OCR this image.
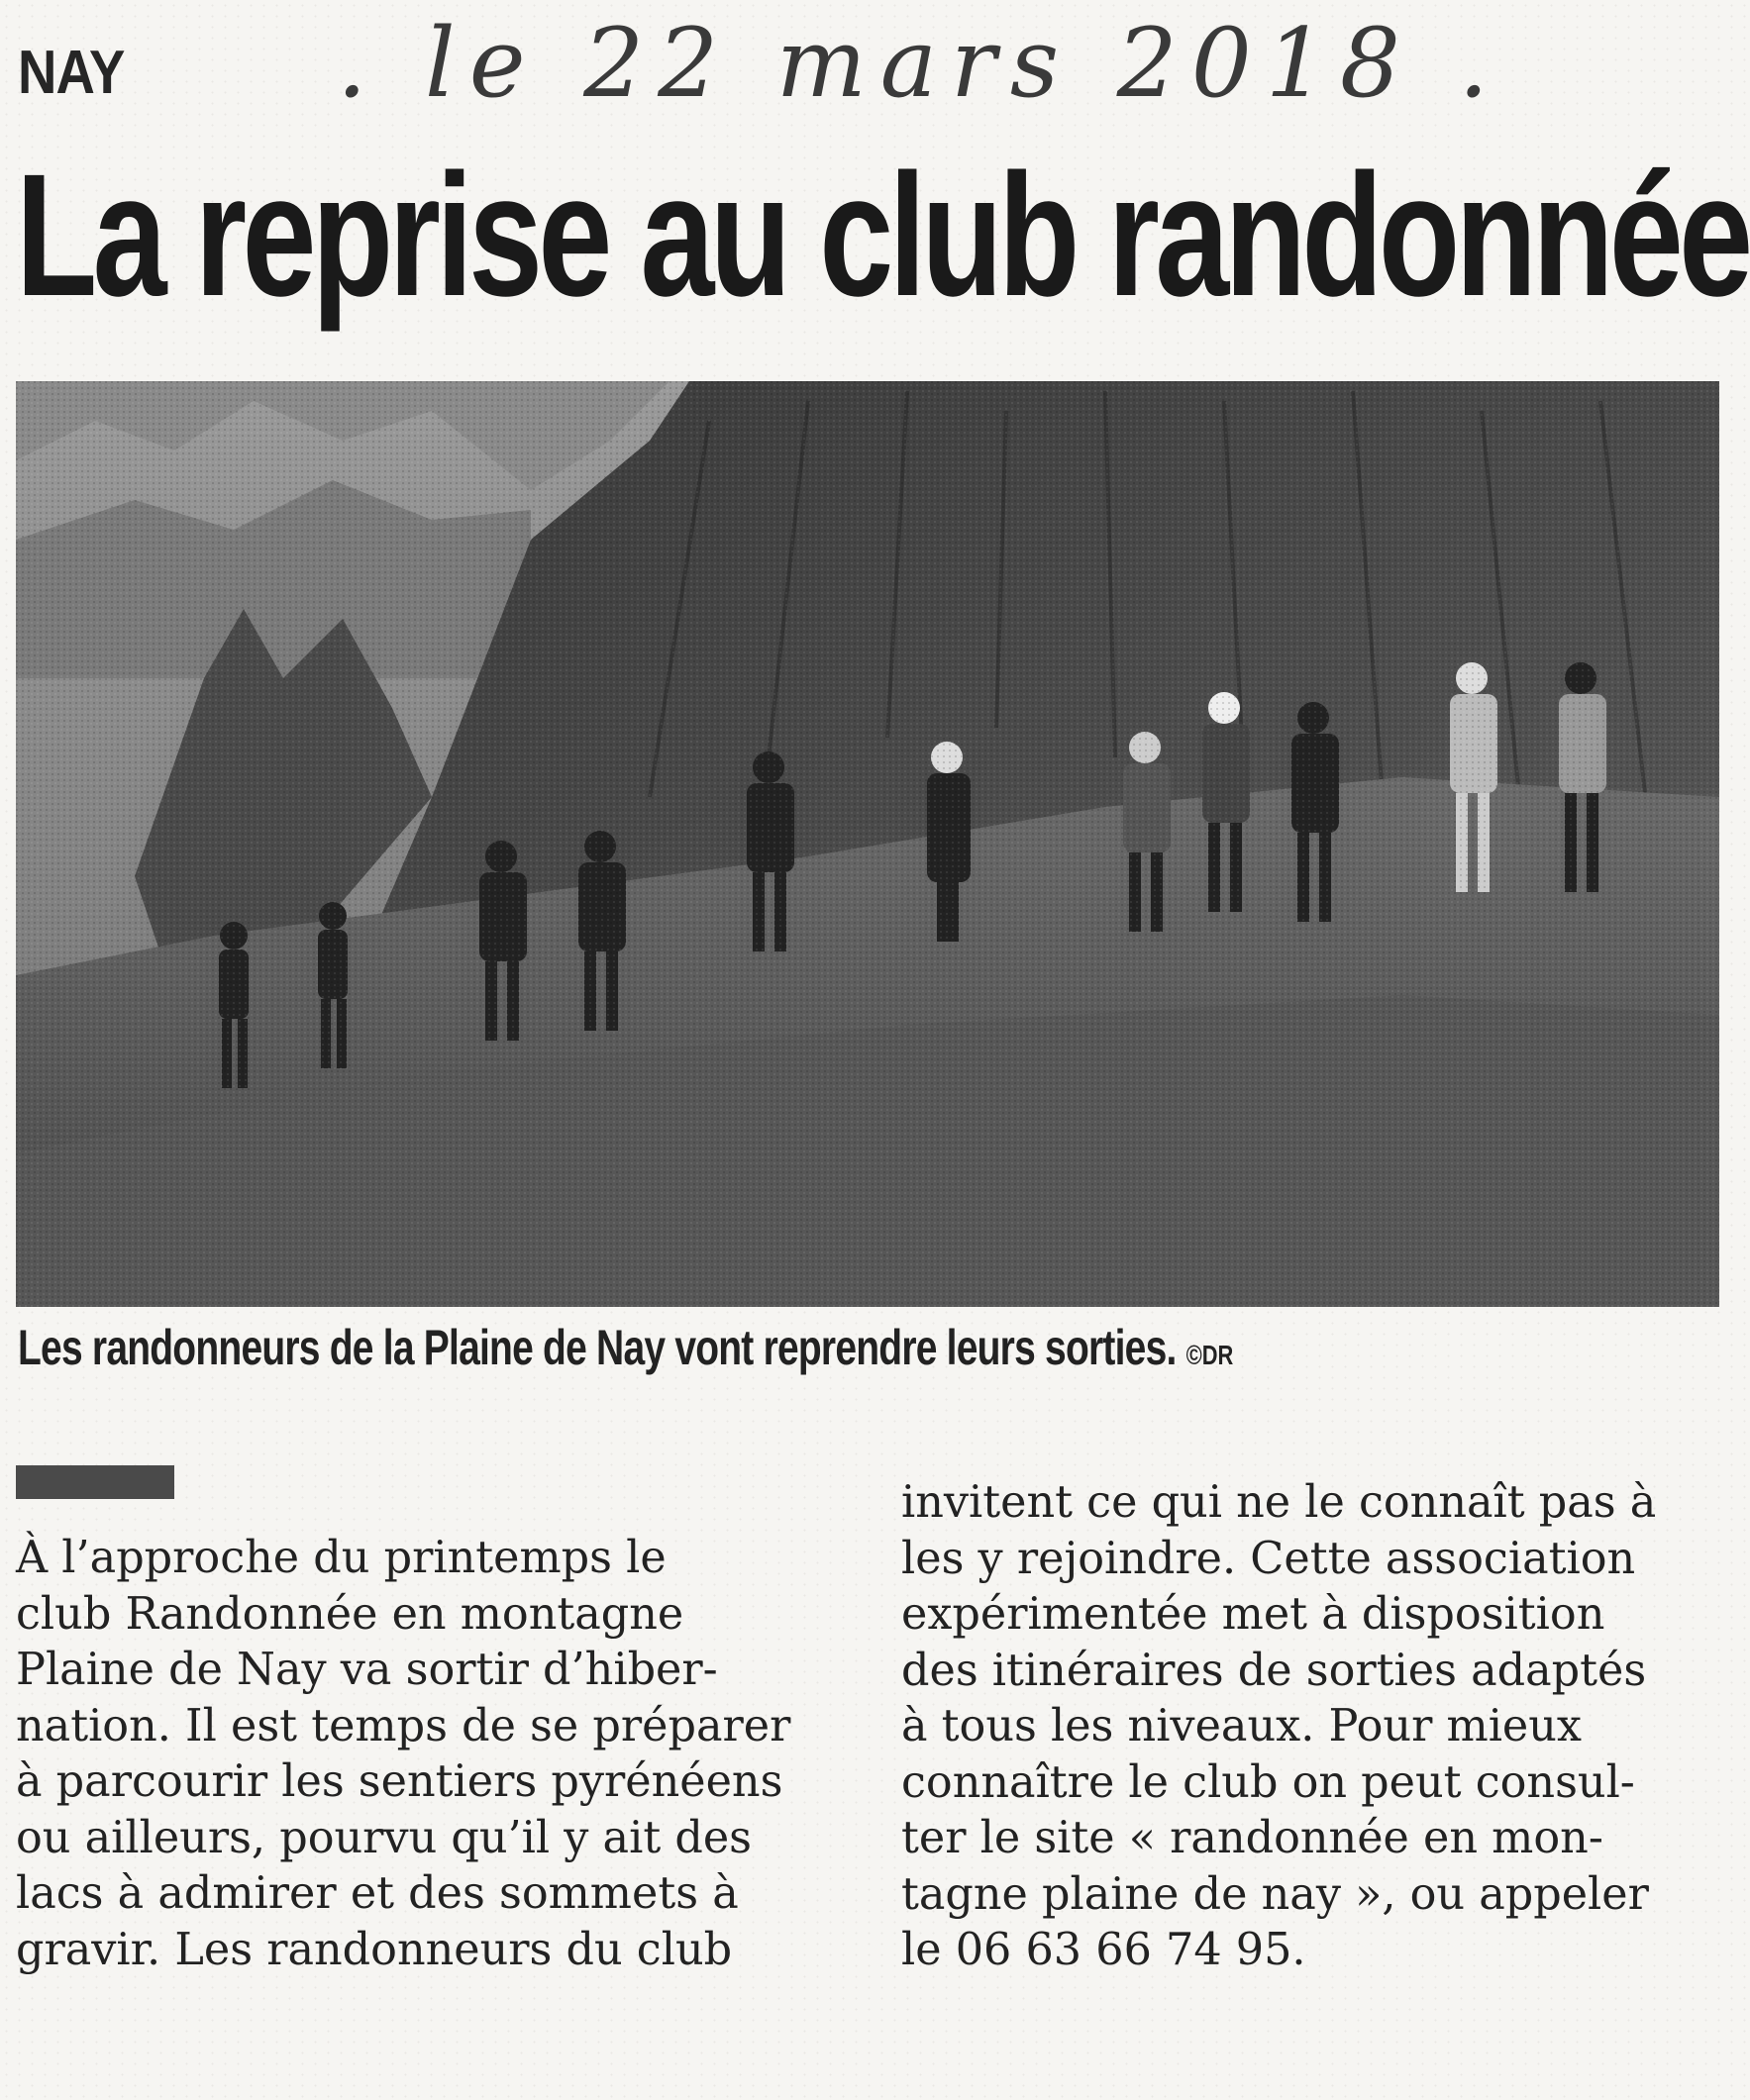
NAY . le 22 mars 2018 .
La reprise au club randonnée
Les randonneurs de la Plaine de Nay vont reprendre leurs sorties. ©DR
À l’approche du printemps le
club Randonnée en montagne
Plaine de Nay va sortir d’hiber-
nation. Il est temps de se préparer
à parcourir les sentiers pyrénéens
ou ailleurs, pourvu qu’il y ait des
lacs à admirer et des sommets à
gravir. Les randonneurs du club
invitent ce qui ne le connaît pas à
les y rejoindre. Cette association
expérimentée met à disposition
des itinéraires de sorties adaptés
à tous les niveaux. Pour mieux
connaître le club on peut consul-
ter le site « randonnée en mon-
tagne plaine de nay », ou appeler
le 06 63 66 74 95.
